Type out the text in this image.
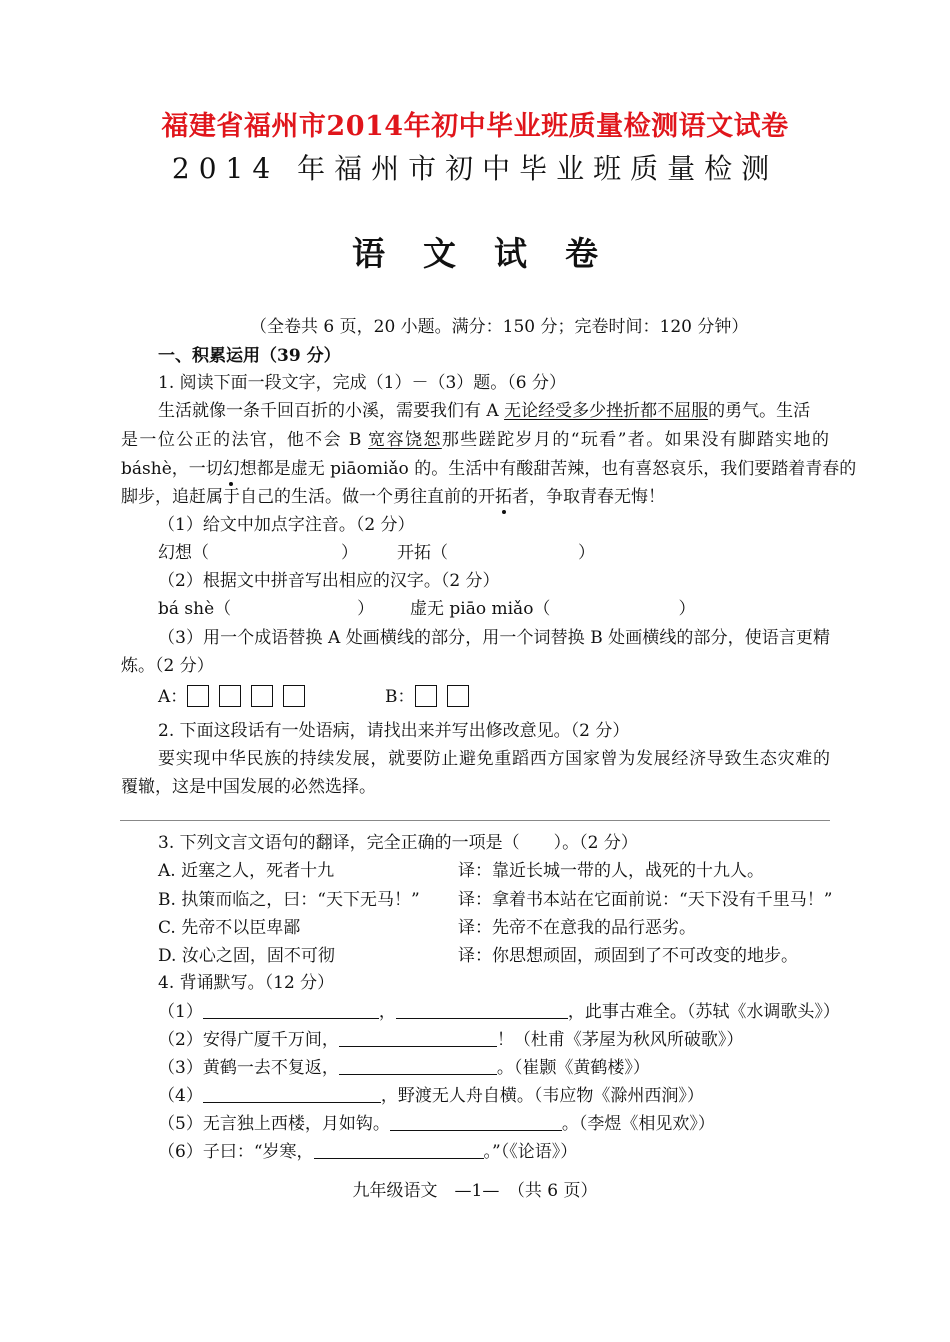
福建省福州市2014年初中毕业班质量检测语文试卷
2014 年福州市初中毕业班质量检测
语文试卷
（全卷共 6 页，20 小题。满分：150 分；完卷时间：120 分钟）
一、积累运用（39 分）
1. 阅读下面一段文字，完成（1）－（3）题。（6 分）
生活就像一条千回百折的小溪，需要我们有 A 无论经受多少挫折都不屈服的勇气。生活
是一位公正的法官，他不会 B 宽容饶恕那些蹉跎岁月的“玩看”者。如果没有脚踏实地的
báshè，一切幻想都是虚无 piāomiǎo 的。生活中有酸甜苦辣，也有喜怒哀乐，我们要踏着青春的
脚步，追赶属于自己的生活。做一个勇往直前的开拓者，争取青春无悔！
（1）给文中加点字注音。（2 分）
幻想（	） 开拓（	）
（2）根据文中拼音写出相应的汉字。（2 分）
bá shè（	） 虚无 piāo miǎo（	）
（3）用一个成语替换 A 处画横线的部分，用一个词替换 B 处画横线的部分，使语言更精
炼。（2 分）
A：	B：
2. 下面这段话有一处语病，请找出来并写出修改意见。（2 分）
要实现中华民族的持续发展，就要防止避免重蹈西方国家曾为发展经济导致生态灾难的
覆辙，这是中国发展的必然选择。
3. 下列文言文语句的翻译，完全正确的一项是（　　）。（2 分）
A. 近塞之人，死者十九	译：靠近长城一带的人，战死的十九人。
B. 执策而临之，曰：“天下无马！” 译：拿着书本站在它面前说：“天下没有千里马！”
C. 先帝不以臣卑鄙	译：先帝不在意我的品行恶劣。
D. 汝心之固，固不可彻	译：你思想顽固，顽固到了不可改变的地步。
4. 背诵默写。（12 分）
（1）	，	，此事古难全。（苏轼《水调歌头》）
（2）安得广厦千万间，	！（杜甫《茅屋为秋风所破歌》）
（3）黄鹤一去不复返，	。（崔颢《黄鹤楼》）
（4）	，野渡无人舟自横。（韦应物《滁州西涧》）
（5）无言独上西楼，月如钩。	。（李煜《相见欢》）
（6）子曰：“岁寒，	。”（《论语》）
九年级语文　—1—　（共 6 页）
